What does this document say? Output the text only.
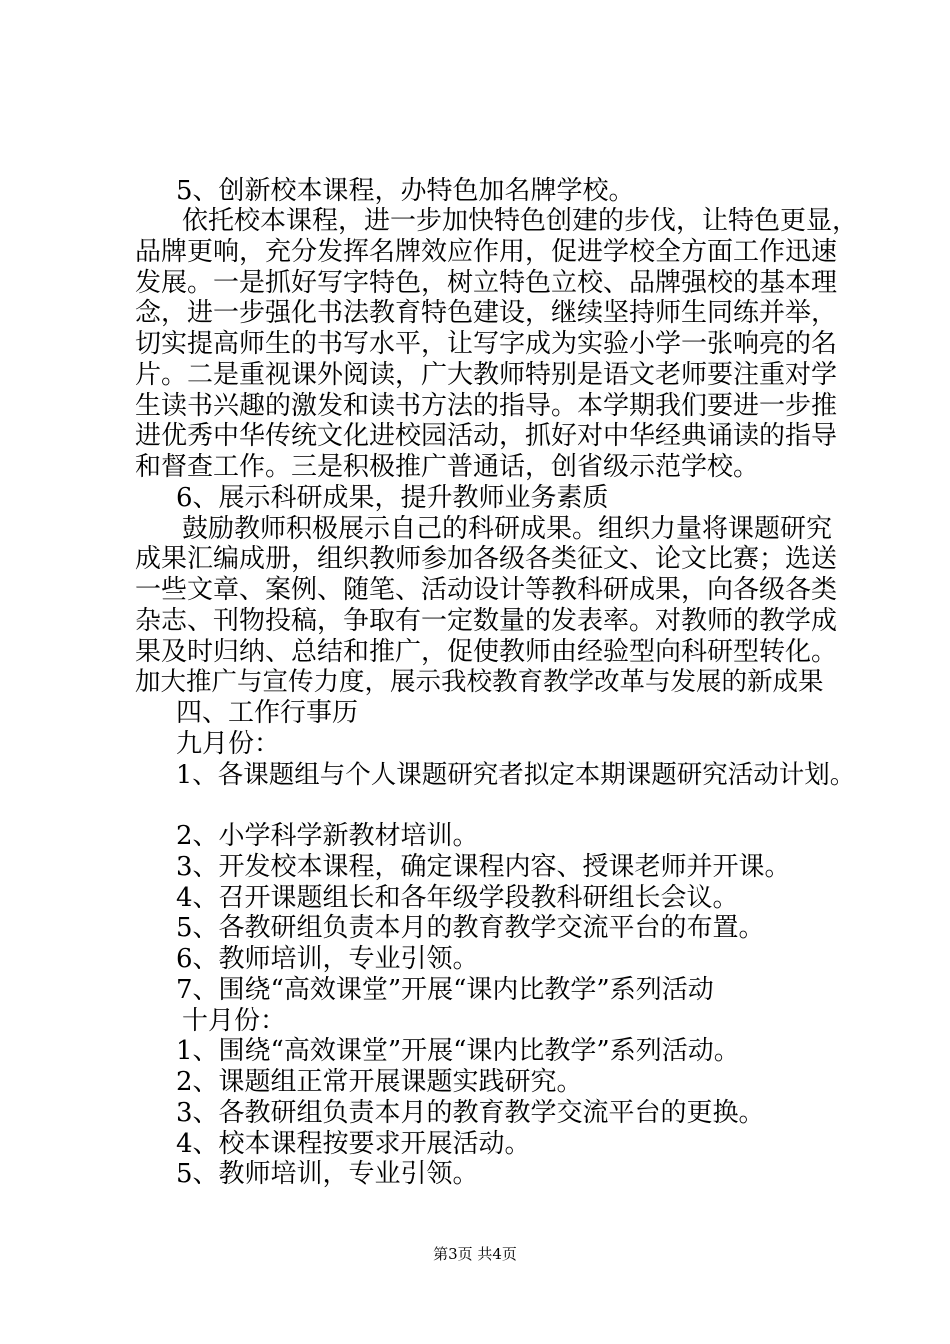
5、创新校本课程，办特色加名牌学校。
依托校本课程，进一步加快特色创建的步伐，让特色更显，
品牌更响，充分发挥名牌效应作用，促进学校全方面工作迅速
发展。一是抓好写字特色，树立特色立校、品牌强校的基本理
念，进一步强化书法教育特色建设，继续坚持师生同练并举，
切实提高师生的书写水平，让写字成为实验小学一张响亮的名
片。二是重视课外阅读，广大教师特别是语文老师要注重对学
生读书兴趣的激发和读书方法的指导。本学期我们要进一步推
进优秀中华传统文化进校园活动，抓好对中华经典诵读的指导
和督查工作。三是积极推广普通话，创省级示范学校。
6、展示科研成果，提升教师业务素质
鼓励教师积极展示自己的科研成果。组织力量将课题研究
成果汇编成册，组织教师参加各级各类征文、论文比赛；选送
一些文章、案例、随笔、活动设计等教科研成果，向各级各类
杂志、刊物投稿，争取有一定数量的发表率。对教师的教学成
果及时归纳、总结和推广，促使教师由经验型向科研型转化。
加大推广与宣传力度，展示我校教育教学改革与发展的新成果
四、工作行事历
九月份：
1、各课题组与个人课题研究者拟定本期课题研究活动计划。
2、小学科学新教材培训。
3、开发校本课程，确定课程内容、授课老师并开课。
4、召开课题组长和各年级学段教科研组长会议。
5、各教研组负责本月的教育教学交流平台的布置。
6、教师培训，专业引领。
7、围绕“高效课堂”开展“课内比教学”系列活动
十月份：
1、围绕“高效课堂”开展“课内比教学”系列活动。
2、课题组正常开展课题实践研究。
3、各教研组负责本月的教育教学交流平台的更换。
4、校本课程按要求开展活动。
5、教师培训，专业引领。
第3页 共4页
